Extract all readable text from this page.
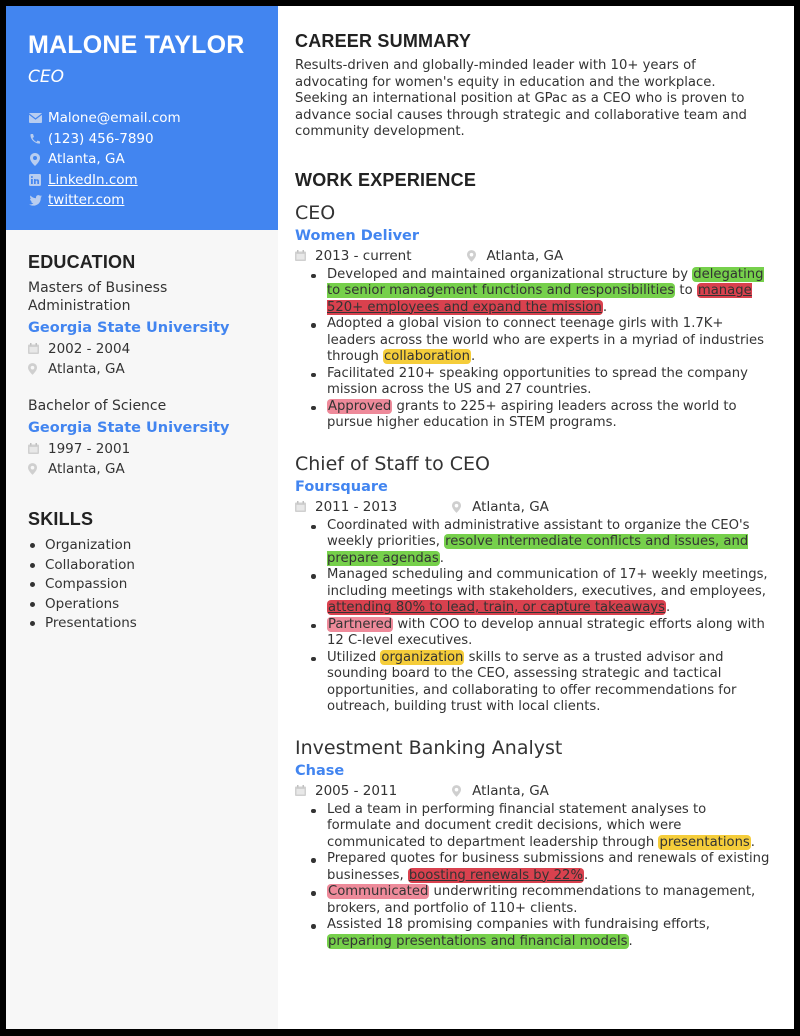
MALONE TAYLOR
CEO
Malone@email.com
(123) 456-7890
Atlanta, GA
LinkedIn.com
twitter.com
EDUCATION
Masters of Business Administration
Georgia State University
2002 - 2004
Atlanta, GA
Bachelor of Science
Georgia State University
1997 - 2001
Atlanta, GA
SKILLS
Organization
Collaboration
Compassion
Operations
Presentations
CAREER SUMMARY

Results-driven and globally-minded leader with 10+ years of advocating for women's equity in education and the workplace. Seeking an international position at GPac as a CEO who is proven to advance social causes through strategic and collaborative team and community development.

WORK EXPERIENCE
CEO
Women Deliver
2013 - current	Atlanta, GA
Developed and maintained organizational structure by delegating to senior management functions and responsibilities to manage 520+ employees and expand the mission.
Adopted a global vision to connect teenage girls with 1.7K+ leaders across the world who are experts in a myriad of industries through collaboration.
Facilitated 210+ speaking opportunities to spread the company mission across the US and 27 countries.
Approved grants to 225+ aspiring leaders across the world to pursue higher education in STEM programs.
Chief of Staff to CEO
Foursquare
2011 - 2013	Atlanta, GA
Coordinated with administrative assistant to organize the CEO's weekly priorities, resolve intermediate conflicts and issues, and prepare agendas.
Managed scheduling and communication of 17+ weekly meetings, including meetings with stakeholders, executives, and employees, attending 80% to lead, train, or capture takeaways.
Partnered with COO to develop annual strategic efforts along with 12 C-level executives.
Utilized organization skills to serve as a trusted advisor and sounding board to the CEO, assessing strategic and tactical opportunities, and collaborating to offer recommendations for outreach, building trust with local clients.
Investment Banking Analyst
Chase
2005 - 2011	Atlanta, GA
Led a team in performing financial statement analyses to formulate and document credit decisions, which were communicated to department leadership through presentations.
Prepared quotes for business submissions and renewals of existing businesses, boosting renewals by 22%.
Communicated underwriting recommendations to management, brokers, and portfolio of 110+ clients.
Assisted 18 promising companies with fundraising efforts, preparing presentations and financial models.
